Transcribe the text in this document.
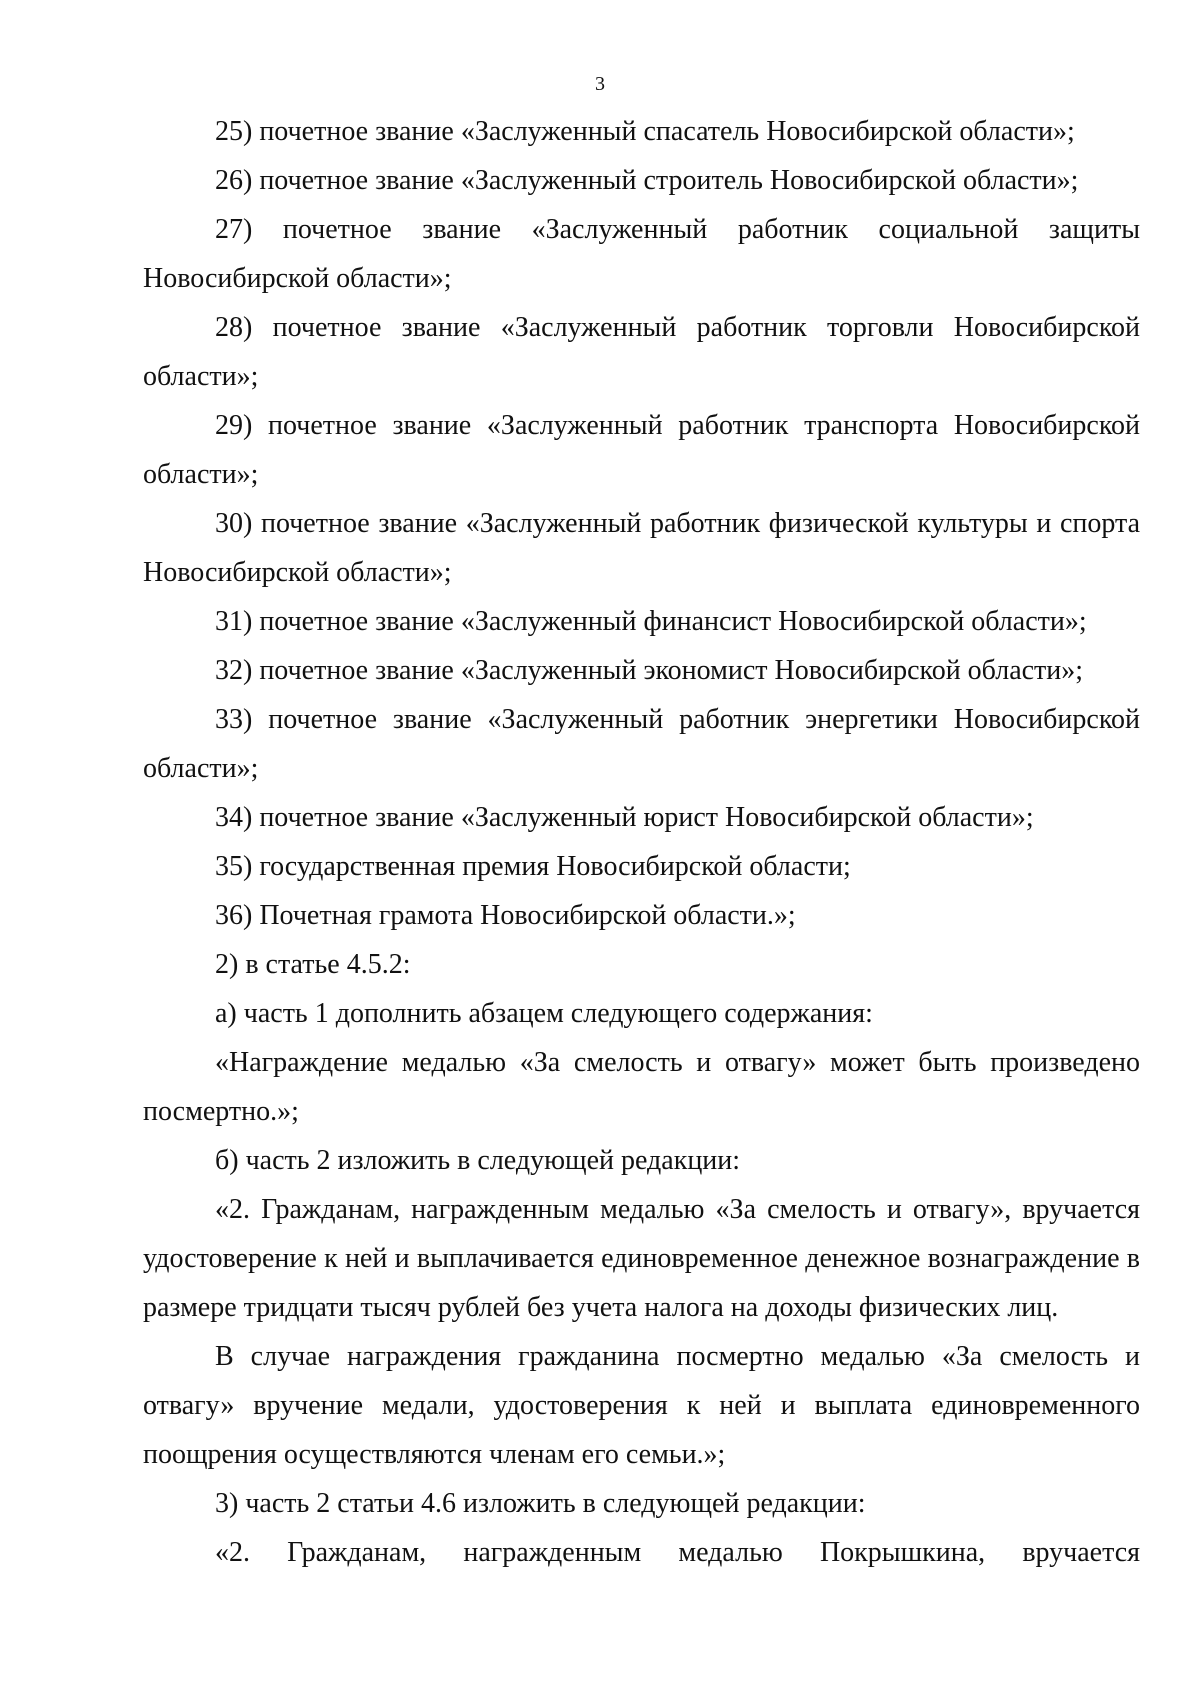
3

25) почетное звание «Заслуженный спасатель Новосибирской области»;

26) почетное звание «Заслуженный строитель Новосибирской области»;

27) почетное звание «Заслуженный работник социальной защиты Новосибирской области»;

28) почетное звание «Заслуженный работник торговли Новосибирской области»;

29) почетное звание «Заслуженный работник транспорта Новосибирской области»;

30) почетное звание «Заслуженный работник физической культуры и спорта Новосибирской области»;

31) почетное звание «Заслуженный финансист Новосибирской области»;

32) почетное звание «Заслуженный экономист Новосибирской области»;

33) почетное звание «Заслуженный работник энергетики Новосибирской области»;

34) почетное звание «Заслуженный юрист Новосибирской области»;

35) государственная премия Новосибирской области;

36) Почетная грамота Новосибирской области.»;

2) в статье 4.5.2:

а) часть 1 дополнить абзацем следующего содержания:

«Награждение медалью «За смелость и отвагу» может быть произведено посмертно.»;

б) часть 2 изложить в следующей редакции:

«2. Гражданам, награжденным медалью «За смелость и отвагу», вручается удостоверение к ней и выплачивается единовременное денежное вознаграждение в размере тридцати тысяч рублей без учета налога на доходы физических лиц.

В случае награждения гражданина посмертно медалью «За смелость и отвагу» вручение медали, удостоверения к ней и выплата единовременного поощрения осуществляются членам его семьи.»;

3) часть 2 статьи 4.6 изложить в следующей редакции:

«2. Гражданам, награжденным медалью Покрышкина, вручается
